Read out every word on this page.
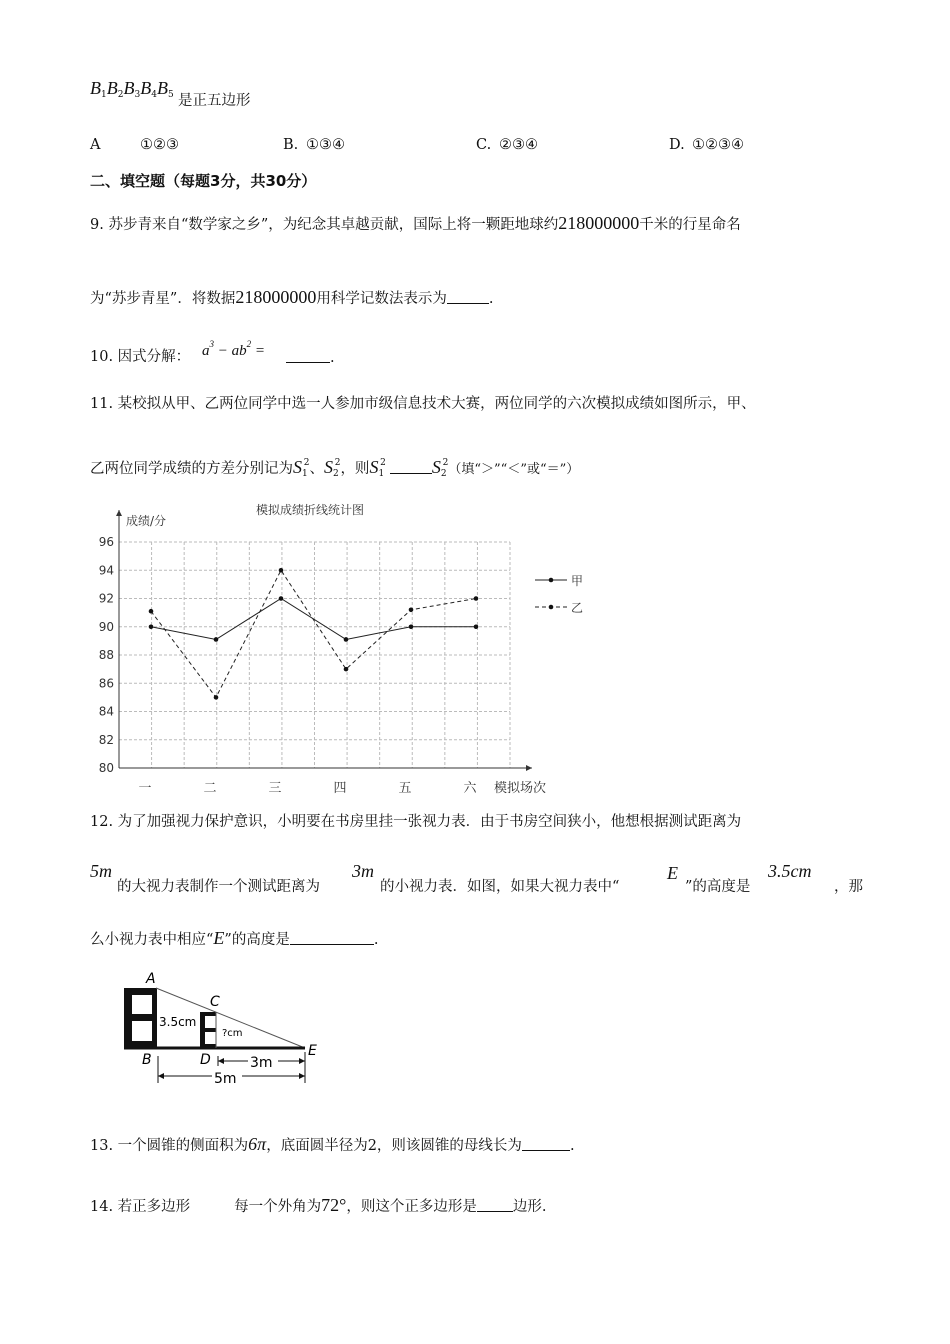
$B_1B_2B_3B_4B_5$ 是正五边形
A	①②③	B. ①③④	C. ②③④	D. ①②③④
二、填空题（每题3分，共30分）
9. 苏步青来自“数学家之乡”，为纪念其卓越贡献，国际上将一颗距地球约218000000千米的行星命名
为“苏步青星”．将数据218000000用科学记数法表示为	.
10. 因式分解： $a^3 - ab^2$ =	.
11. 某校拟从甲、乙两位同学中选一人参加市级信息技术大赛，两位同学的六次模拟成绩如图所示，甲、
乙两位同学成绩的方差分别记为$S_1^2$、$S_2^2$，则$S_1^2$	$S_2^2$（填“＞”“＜”或“＝”）
80
82
84
86
88
90
92
94
96
模拟成绩折线统计图
成绩/分
模拟场次
一	二	三	四	五	六
甲
乙
12. 为了加强视力保护意识，小明要在书房里挂一张视力表．由于书房空间狭小，他想根据测试距离为
5m
的大视力表制作一个测试距离为
3m
的小视力表．如图，如果大视力表中“
E
”的高度是
3.5cm
，那
么小视力表中相应“E”的高度是	.
A
B
C
D
E
3.5cm
?cm
3m
5m
13. 一个圆锥的侧面积为6π，底面圆半径为2，则该圆锥的母线长为	.
14. 若正多边形	每一个外角为72°，则这个正多边形是 边形.
